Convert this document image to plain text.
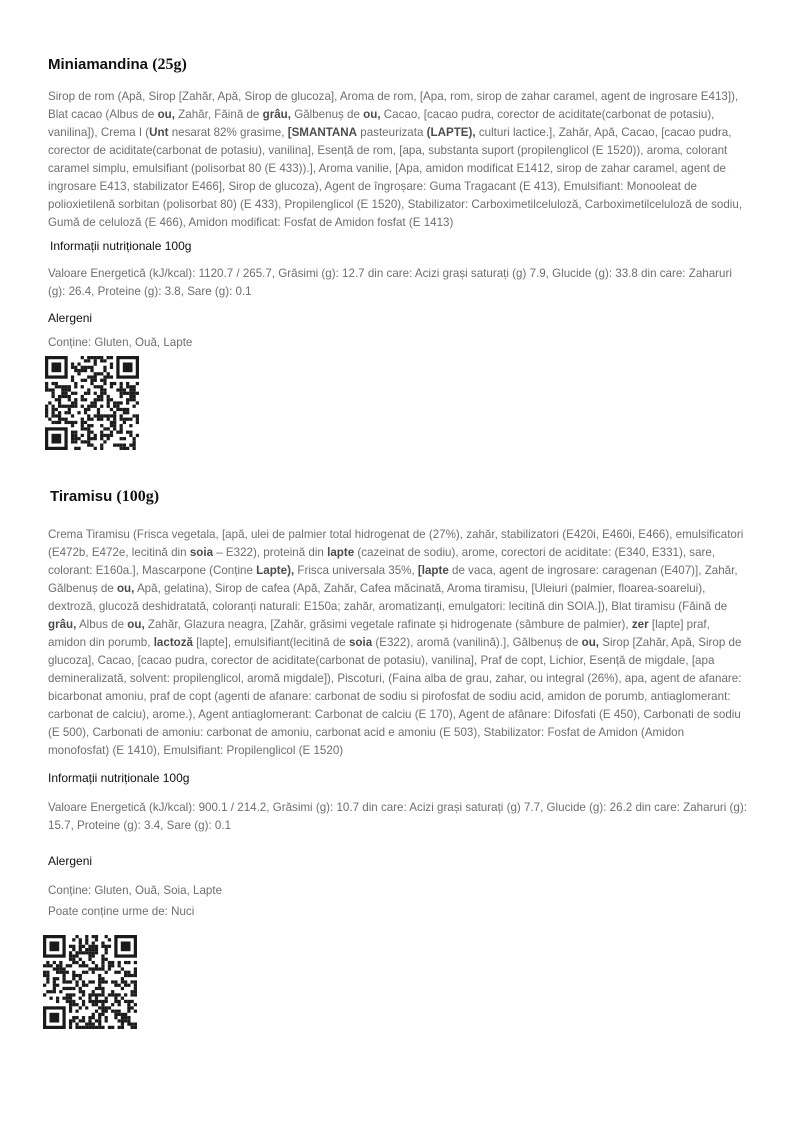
Miniamandina (25g)

Sirop de rom (Apă, Sirop [Zahăr, Apă, Sirop de glucoza], Aroma de rom, [Apa, rom, sirop de zahar caramel, agent de ingrosare E413]), Blat cacao (Albus de ou, Zahăr, Făină de grâu, Gălbenuș de ou, Cacao, [cacao pudra, corector de aciditate(carbonat de potasiu), vanilina]), Crema I (Unt nesarat 82% grasime, [SMANTANA pasteurizata (LAPTE), culturi lactice.], Zahăr, Apă, Cacao, [cacao pudra, corector de aciditate(carbonat de potasiu), vanilina], Esență de rom, [apa, substanta suport (propilenglicol (E 1520)), aroma, colorant caramel simplu, emulsifiant (polisorbat 80 (E 433)).], Aroma vanilie, [Apa, amidon modificat E1412, sirop de zahar caramel, agent de ingrosare E413, stabilizator E466], Sirop de glucoza), Agent de îngroșare: Guma Tragacant (E 413), Emulsifiant: Monooleat de polioxietilenă sorbitan (polisorbat 80) (E 433), Propilenglicol (E 1520), Stabilizator: Carboximetilceluloză, Carboximetilceluloză de sodiu, Gumă de celuloză (E 466), Amidon modificat: Fosfat de Amidon fosfat (E 1413)

Informații nutriționale 100g

Valoare Energetică (kJ/kcal): 1120.7 / 265.7, Grăsimi (g): 12.7 din care: Acizi grași saturați (g) 7.9, Glucide (g): 33.8 din care: Zaharuri (g): 26.4, Proteine (g): 3.8, Sare (g): 0.1

Alergeni

Conține: Gluten, Ouă, Lapte

Tiramisu (100g)

Crema Tiramisu (Frisca vegetala, [apă, ulei de palmier total hidrogenat de (27%), zahăr, stabilizatori (E420i, E460i, E466), emulsificatori (E472b, E472e, lecitină din soia – E322), proteină din lapte (cazeinat de sodiu), arome, corectori de aciditate: (E340, E331), sare, colorant: E160a.], Mascarpone (Conține Lapte), Frisca universala 35%, [lapte de vaca, agent de ingrosare: caragenan (E407)], Zahăr, Gălbenuș de ou, Apă, gelatina), Sirop de cafea (Apă, Zahăr, Cafea măcinată, Aroma tiramisu, [Uleiuri (palmier, floarea-soarelui), dextroză, glucoză deshidratată, coloranți naturali: E150a; zahăr, aromatizanți, emulgatori: lecitină din SOIA.]), Blat tiramisu (Făină de grâu, Albus de ou, Zahăr, Glazura neagra, [Zahăr, grăsimi vegetale rafinate și hidrogenate (sâmbure de palmier), zer [lapte] praf, amidon din porumb, lactoză [lapte], emulsifiant(lecitină de soia (E322), aromă (vanilină).], Gălbenuș de ou, Sirop [Zahăr, Apă, Sirop de glucoza], Cacao, [cacao pudra, corector de aciditate(carbonat de potasiu), vanilina], Praf de copt, Lichior, Esență de migdale, [apa demineralizată, solvent: propilenglicol, aromă migdale]), Piscoturi, (Faina alba de grau, zahar, ou integral (26%), apa, agent de afanare: bicarbonat amoniu, praf de copt (agenti de afanare: carbonat de sodiu si pirofosfat de sodiu acid, amidon de porumb, antiaglomerant: carbonat de calciu), arome.), Agent antiaglomerant: Carbonat de calciu (E 170), Agent de afânare: Difosfati (E 450), Carbonati de sodiu (E 500), Carbonati de amoniu: carbonat de amoniu, carbonat acid e amoniu (E 503), Stabilizator: Fosfat de Amidon (Amidon monofosfat) (E 1410), Emulsifiant: Propilenglicol (E 1520)

Informații nutriționale 100g

Valoare Energetică (kJ/kcal): 900.1 / 214.2, Grăsimi (g): 10.7 din care: Acizi grași saturați (g) 7.7, Glucide (g): 26.2 din care: Zaharuri (g): 15.7, Proteine (g): 3.4, Sare (g): 0.1

Alergeni

Conține: Gluten, Ouă, Soia, Lapte

Poate conține urme de: Nuci
